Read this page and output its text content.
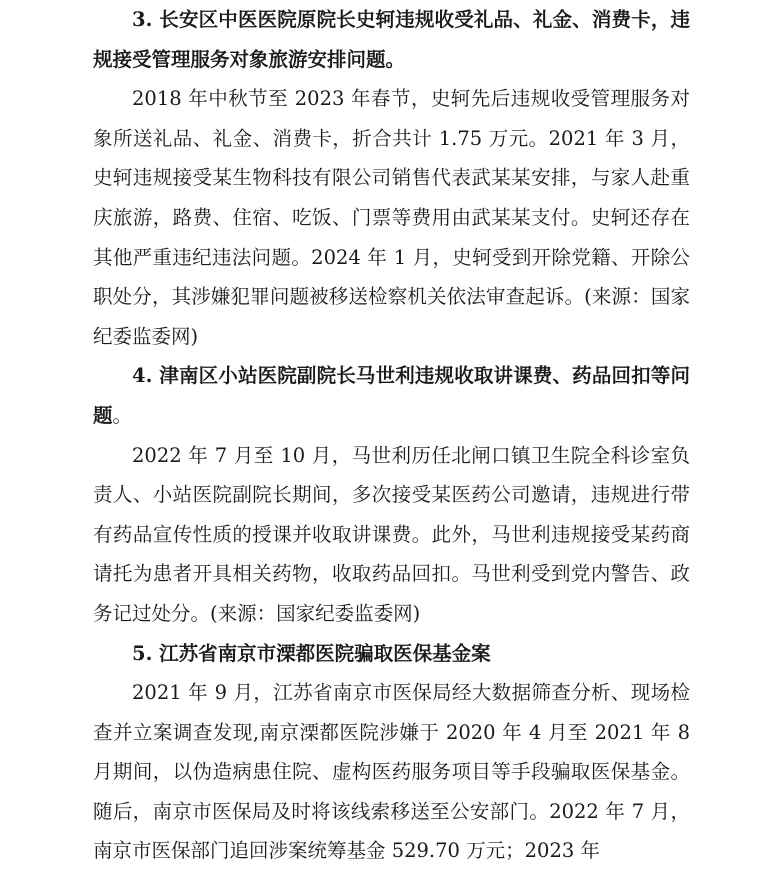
3. 长安区中医医院原院长史轲违规收受礼品、礼金、消费卡，违规接受管理服务对象旅游安排问题。

2018 年中秋节至 2023 年春节，史轲先后违规收受管理服务对象所送礼品、礼金、消费卡，折合共计 1.75 万元。2021 年 3 月，史轲违规接受某生物科技有限公司销售代表武某某安排，与家人赴重庆旅游，路费、住宿、吃饭、门票等费用由武某某支付。史轲还存在其他严重违纪违法问题。2024 年 1 月，史轲受到开除党籍、开除公职处分，其涉嫌犯罪问题被移送检察机关依法审查起诉。(来源：国家纪委监委网)

4. 津南区小站医院副院长马世利违规收取讲课费、药品回扣等问题。

2022 年 7 月至 10 月，马世利历任北闸口镇卫生院全科诊室负责人、小站医院副院长期间，多次接受某医药公司邀请，违规进行带有药品宣传性质的授课并收取讲课费。此外，马世利违规接受某药商请托为患者开具相关药物，收取药品回扣。马世利受到党内警告、政务记过处分。(来源：国家纪委监委网)

5. 江苏省南京市溧都医院骗取医保基金案

2021 年 9 月，江苏省南京市医保局经大数据筛查分析、现场检查并立案调查发现,南京溧都医院涉嫌于 2020 年 4 月至 2021 年 8 月期间，以伪造病患住院、虚构医药服务项目等手段骗取医保基金。随后，南京市医保局及时将该线索移送至公安部门。2022 年 7 月，南京市医保部门追回涉案统筹基金 529.70 万元；2023 年
